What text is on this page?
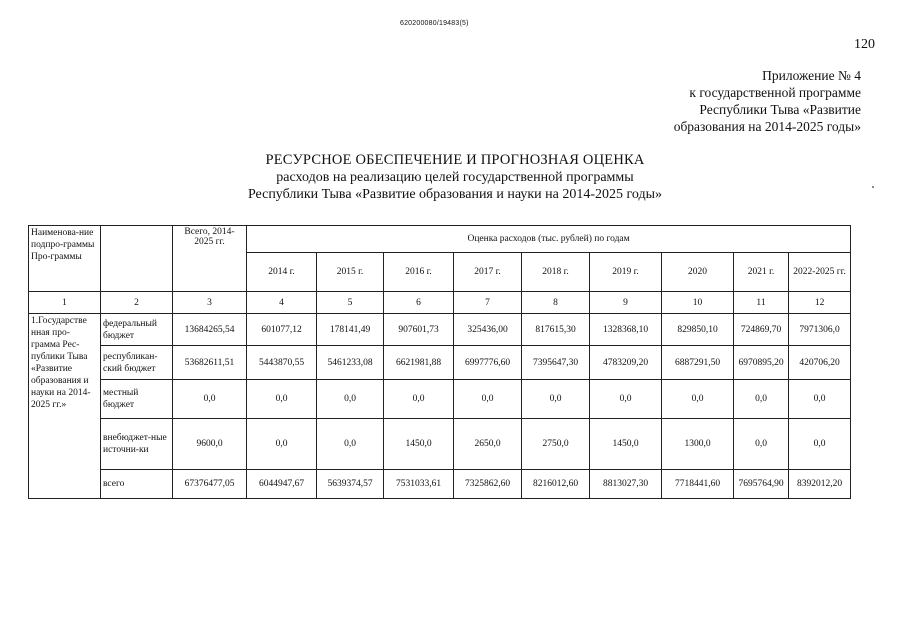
620200080/19483(5)
120
Приложение № 4
к государственной программе
Республики Тыва «Развитие
образования на 2014-2025 годы»
РЕСУРСНОЕ ОБЕСПЕЧЕНИЕ И ПРОГНОЗНАЯ ОЦЕНКА
расходов на реализацию целей государственной программы
Республики Тыва «Развитие образования и науки на 2014-2025 годы»
Наименова-ние подпро-граммы Про-граммы		Всего, 2014-2025 гг.	Оценка расходов (тыс. рублей) по годам								
			2014 г.	2015 г.	2016 г.	2017 г.	2018 г.	2019 г.	2020	2021 г.	2022-2025 гг.
1	2	3	4	5	6	7	8	9	10	11	12
1.Государстве нная про-грамма Рес-публики Тыва «Развитие образования и науки на 2014-2025 гг.»	федеральный бюджет	13684265,54	601077,12	178141,49	907601,73	325436,00	817615,30	1328368,10	829850,10	724869,70	7971306,0
	республикан-ский бюджет	53682611,51	5443870,55	5461233,08	6621981,88	6997776,60	7395647,30	4783209,20	6887291,50	6970895,20	420706,20
	местный бюджет	0,0	0,0	0,0	0,0	0,0	0,0	0,0	0,0	0,0	0,0
	внебюджет-ные источни-ки	9600,0	0,0	0,0	1450,0	2650,0	2750,0	1450,0	1300,0	0,0	0,0
	всего	67376477,05	6044947,67	5639374,57	7531033,61	7325862,60	8216012,60	8813027,30	7718441,60	7695764,90	8392012,20
